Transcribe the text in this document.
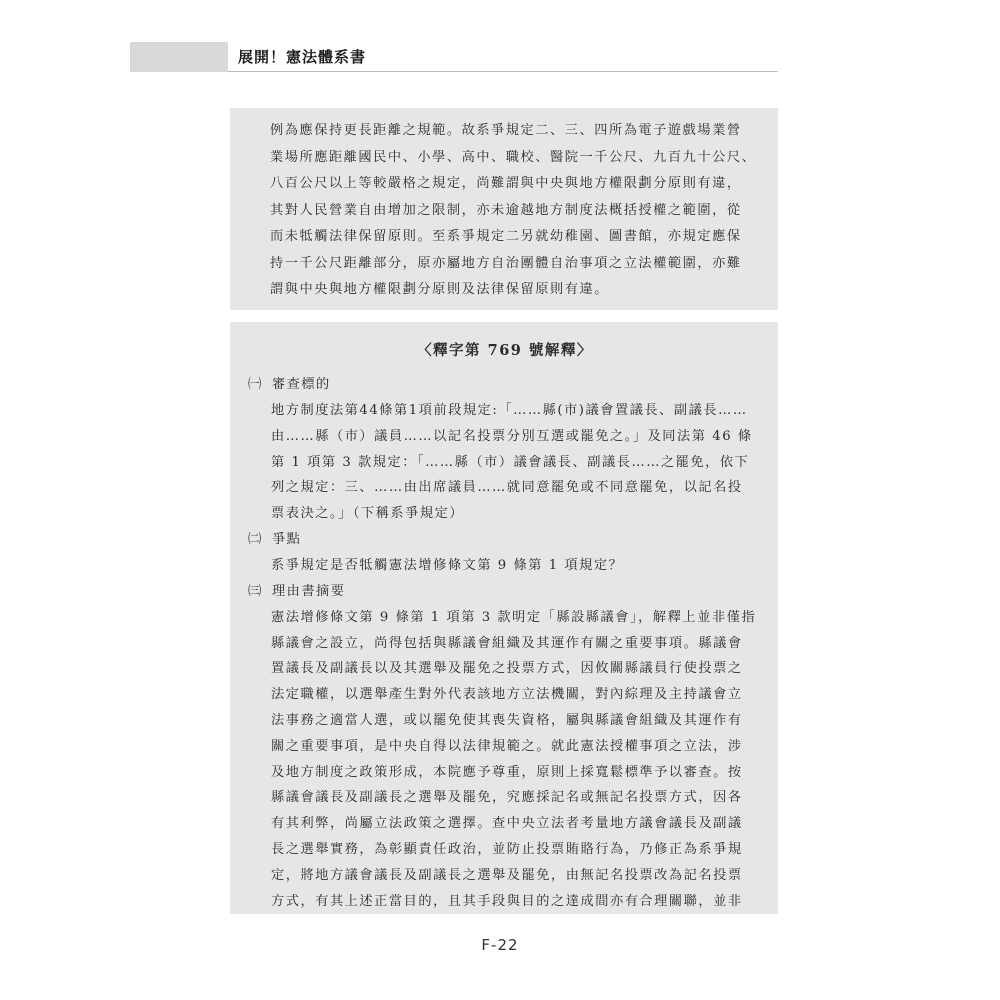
展開！憲法體系書
例為應保持更長距離之規範。故系爭規定二、三、四所為電子遊戲場業營
業場所應距離國民中、小學、高中、職校、醫院一千公尺、九百九十公尺、
八百公尺以上等較嚴格之規定，尚難謂與中央與地方權限劃分原則有違，
其對人民營業自由增加之限制，亦未逾越地方制度法概括授權之範圍，從
而未牴觸法律保留原則。至系爭規定二另就幼稚園、圖書館，亦規定應保
持一千公尺距離部分，原亦屬地方自治團體自治事項之立法權範圍，亦難
謂與中央與地方權限劃分原則及法律保留原則有違。
〈釋字第 769 號解釋〉
㈠ 審查標的
地方制度法第44條第1項前段規定:「……縣(市)議會置議長、副議長……
由……縣（市）議員……以記名投票分別互選或罷免之。」及同法第 46 條
第 1 項第 3 款規定：「……縣（市）議會議長、副議長……之罷免，依下
列之規定：三、……由出席議員……就同意罷免或不同意罷免，以記名投
票表決之。」（下稱系爭規定）
㈡ 爭點
系爭規定是否牴觸憲法增修條文第 9 條第 1 項規定？
㈢ 理由書摘要
憲法增修條文第 9 條第 1 項第 3 款明定「縣設縣議會」，解釋上並非僅指
縣議會之設立，尚得包括與縣議會組織及其運作有關之重要事項。縣議會
置議長及副議長以及其選舉及罷免之投票方式，因攸關縣議員行使投票之
法定職權，以選舉產生對外代表該地方立法機關，對內綜理及主持議會立
法事務之適當人選，或以罷免使其喪失資格，屬與縣議會組織及其運作有
關之重要事項，是中央自得以法律規範之。就此憲法授權事項之立法，涉
及地方制度之政策形成，本院應予尊重，原則上採寬鬆標準予以審查。按
縣議會議長及副議長之選舉及罷免，究應採記名或無記名投票方式，因各
有其利弊，尚屬立法政策之選擇。查中央立法者考量地方議會議長及副議
長之選舉實務，為彰顯責任政治，並防止投票賄賂行為，乃修正為系爭規
定，將地方議會議長及副議長之選舉及罷免，由無記名投票改為記名投票
方式，有其上述正當目的，且其手段與目的之達成間亦有合理關聯，並非
F-22
